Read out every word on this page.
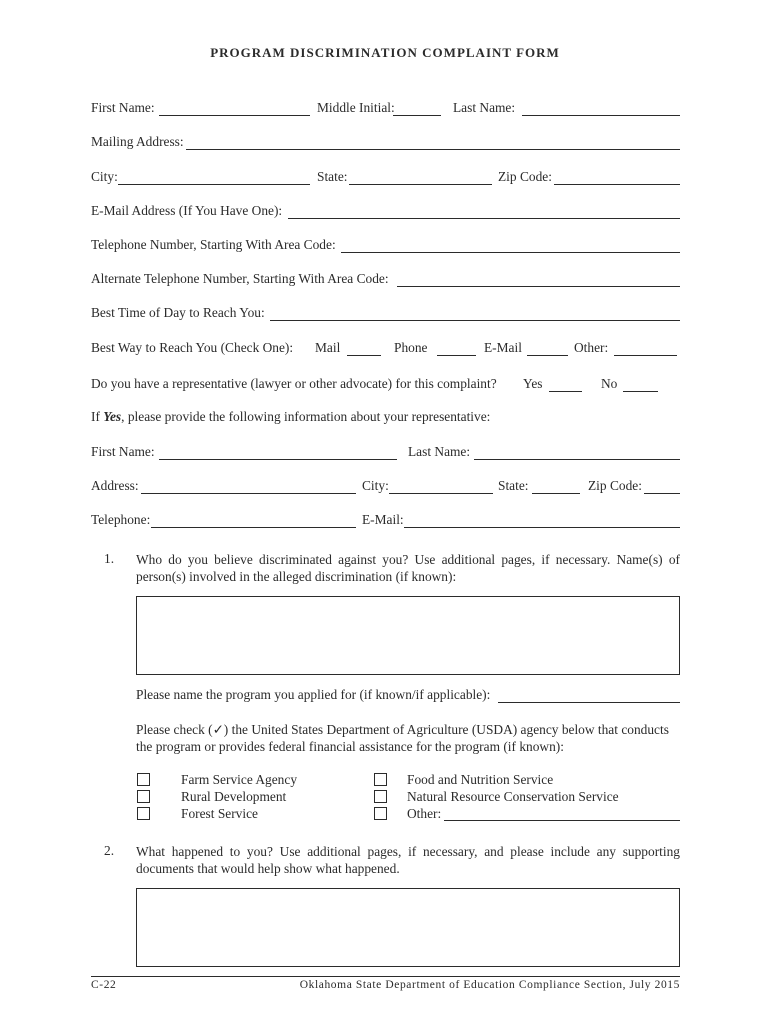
PROGRAM DISCRIMINATION COMPLAINT FORM
First Name:	Middle Initial:	Last Name:
Mailing Address:
City:	State:	Zip Code:
E-Mail Address (If You Have One):
Telephone Number, Starting With Area Code:
Alternate Telephone Number, Starting With Area Code:
Best Time of Day to Reach You:
Best Way to Reach You (Check One): Mail	Phone	E-Mail	Other:
Do you have a representative (lawyer or other advocate) for this complaint? Yes	No
If Yes, please provide the following information about your representative:
First Name:	Last Name:
Address:	City:	State:	Zip Code:
Telephone:	E-Mail:
1. Who do you believe discriminated against you? Use additional pages, if necessary. Name(s) of person(s) involved in the alleged discrimination (if known):
Please name the program you applied for (if known/if applicable):
Please check (✓) the United States Department of Agriculture (USDA) agency below that conducts the program or provides federal financial assistance for the program (if known):
Farm Service Agency
Rural Development
Forest Service
Food and Nutrition Service
Natural Resource Conservation Service
Other:
2. What happened to you? Use additional pages, if necessary, and please include any supporting documents that would help show what happened.
C-22	Oklahoma State Department of Education Compliance Section, July 2015
